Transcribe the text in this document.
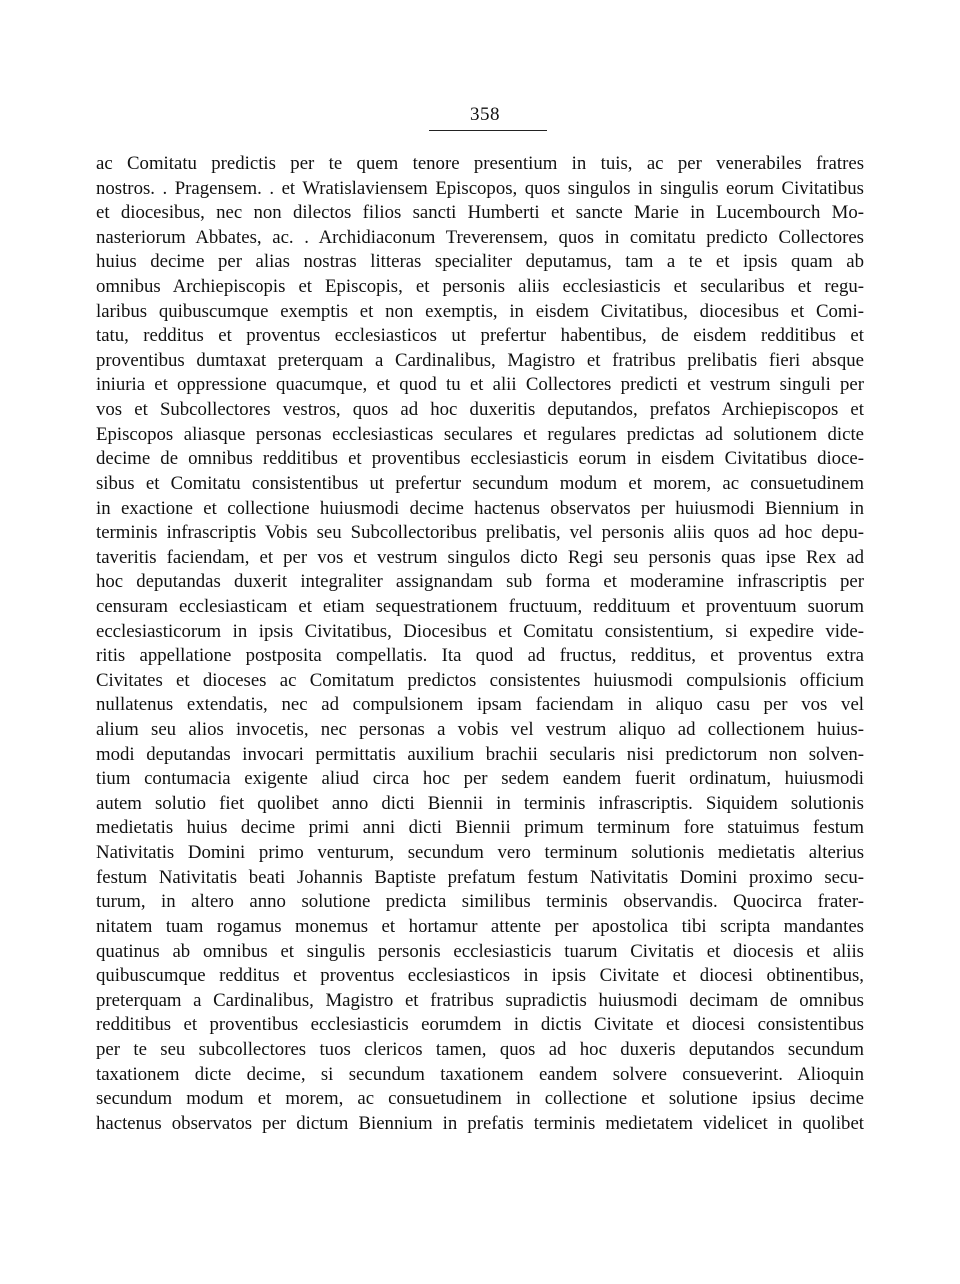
358
ac Comitatu predictis per te quem tenore presentium in tuis, ac per venerabiles fratres
nostros. . Pragensem. . et Wratislaviensem Episcopos, quos singulos in singulis eorum Civitatibus
et diocesibus, nec non dilectos filios sancti Humberti et sancte Marie in Lucembourch Mo-
nasteriorum Abbates, ac. . Archidiaconum Treverensem, quos in comitatu predicto Collectores
huius decime per alias nostras litteras specialiter deputamus, tam a te et ipsis quam ab
omnibus Archiepiscopis et Episcopis, et personis aliis ecclesiasticis et secularibus et regu-
laribus quibuscumque exemptis et non exemptis, in eisdem Civitatibus, diocesibus et Comi-
tatu, redditus et proventus ecclesiasticos ut prefertur habentibus, de eisdem redditibus et
proventibus dumtaxat preterquam a Cardinalibus, Magistro et fratribus prelibatis fieri absque
iniuria et oppressione quacumque, et quod tu et alii Collectores predicti et vestrum singuli per
vos et Subcollectores vestros, quos ad hoc duxeritis deputandos, prefatos Archiepiscopos et
Episcopos aliasque personas ecclesiasticas seculares et regulares predictas ad solutionem dicte
decime de omnibus redditibus et proventibus ecclesiasticis eorum in eisdem Civitatibus dioce-
sibus et Comitatu consistentibus ut prefertur secundum modum et morem, ac consuetudinem
in exactione et collectione huiusmodi decime hactenus observatos per huiusmodi Biennium in
terminis infrascriptis Vobis seu Subcollectoribus prelibatis, vel personis aliis quos ad hoc depu-
taveritis faciendam, et per vos et vestrum singulos dicto Regi seu personis quas ipse Rex ad
hoc deputandas duxerit integraliter assignandam sub forma et moderamine infrascriptis per
censuram ecclesiasticam et etiam sequestrationem fructuum, reddituum et proventuum suorum
ecclesiasticorum in ipsis Civitatibus, Diocesibus et Comitatu consistentium, si expedire vide-
ritis appellatione postposita compellatis. Ita quod ad fructus, redditus, et proventus extra
Civitates et dioceses ac Comitatum predictos consistentes huiusmodi compulsionis officium
nullatenus extendatis, nec ad compulsionem ipsam faciendam in aliquo casu per vos vel
alium seu alios invocetis, nec personas a vobis vel vestrum aliquo ad collectionem huius-
modi deputandas invocari permittatis auxilium brachii secularis nisi predictorum non solven-
tium contumacia exigente aliud circa hoc per sedem eandem fuerit ordinatum, huiusmodi
autem solutio fiet quolibet anno dicti Biennii in terminis infrascriptis. Siquidem solutionis
medietatis huius decime primi anni dicti Biennii primum terminum fore statuimus festum
Nativitatis Domini primo venturum, secundum vero terminum solutionis medietatis alterius
festum Nativitatis beati Johannis Baptiste prefatum festum Nativitatis Domini proximo secu-
turum, in altero anno solutione predicta similibus terminis observandis. Quocirca frater-
nitatem tuam rogamus monemus et hortamur attente per apostolica tibi scripta mandantes
quatinus ab omnibus et singulis personis ecclesiasticis tuarum Civitatis et diocesis et aliis
quibuscumque redditus et proventus ecclesiasticos in ipsis Civitate et diocesi obtinentibus,
preterquam a Cardinalibus, Magistro et fratribus supradictis huiusmodi decimam de omnibus
redditibus et proventibus ecclesiasticis eorumdem in dictis Civitate et diocesi consistentibus
per te seu subcollectores tuos clericos tamen, quos ad hoc duxeris deputandos secundum
taxationem dicte decime, si secundum taxationem eandem solvere consueverint. Alioquin
secundum modum et morem, ac consuetudinem in collectione et solutione ipsius decime
hactenus observatos per dictum Biennium in prefatis terminis medietatem videlicet in quolibet
